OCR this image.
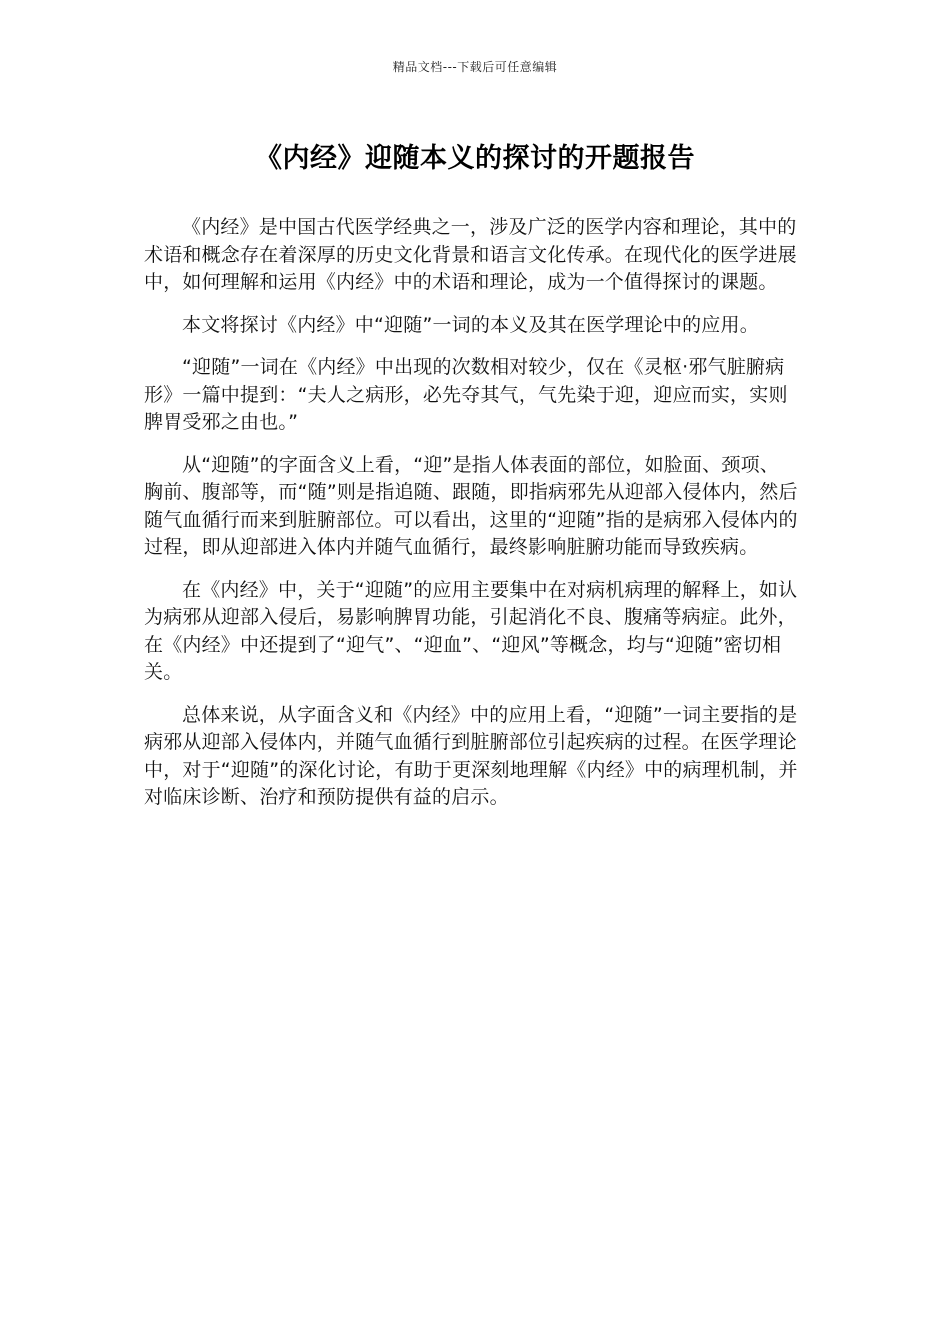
精品文档---下载后可任意编辑
《内经》迎随本义的探讨的开题报告

《内经》是中国古代医学经典之一，涉及广泛的医学内容和理论，其中的术语和概念存在着深厚的历史文化背景和语言文化传承。在现代化的医学进展中，如何理解和运用《内经》中的术语和理论，成为一个值得探讨的课题。

本文将探讨《内经》中“迎随”一词的本义及其在医学理论中的应用。

“迎随”一词在《内经》中出现的次数相对较少，仅在《灵枢·邪气脏腑病形》一篇中提到：“夫人之病形，必先夺其气，气先染于迎，迎应而实，实则脾胃受邪之由也。”

从“迎随”的字面含义上看，“迎”是指人体表面的部位，如脸面、颈项、胸前、腹部等，而“随”则是指追随、跟随，即指病邪先从迎部入侵体内，然后随气血循行而来到脏腑部位。可以看出，这里的“迎随”指的是病邪入侵体内的过程，即从迎部进入体内并随气血循行，最终影响脏腑功能而导致疾病。

在《内经》中，关于“迎随”的应用主要集中在对病机病理的解释上，如认为病邪从迎部入侵后，易影响脾胃功能，引起消化不良、腹痛等病症。此外，在《内经》中还提到了“迎气”、“迎血”、“迎风”等概念，均与“迎随”密切相关。

总体来说，从字面含义和《内经》中的应用上看，“迎随”一词主要指的是病邪从迎部入侵体内，并随气血循行到脏腑部位引起疾病的过程。在医学理论中，对于“迎随”的深化讨论，有助于更深刻地理解《内经》中的病理机制，并对临床诊断、治疗和预防提供有益的启示。
